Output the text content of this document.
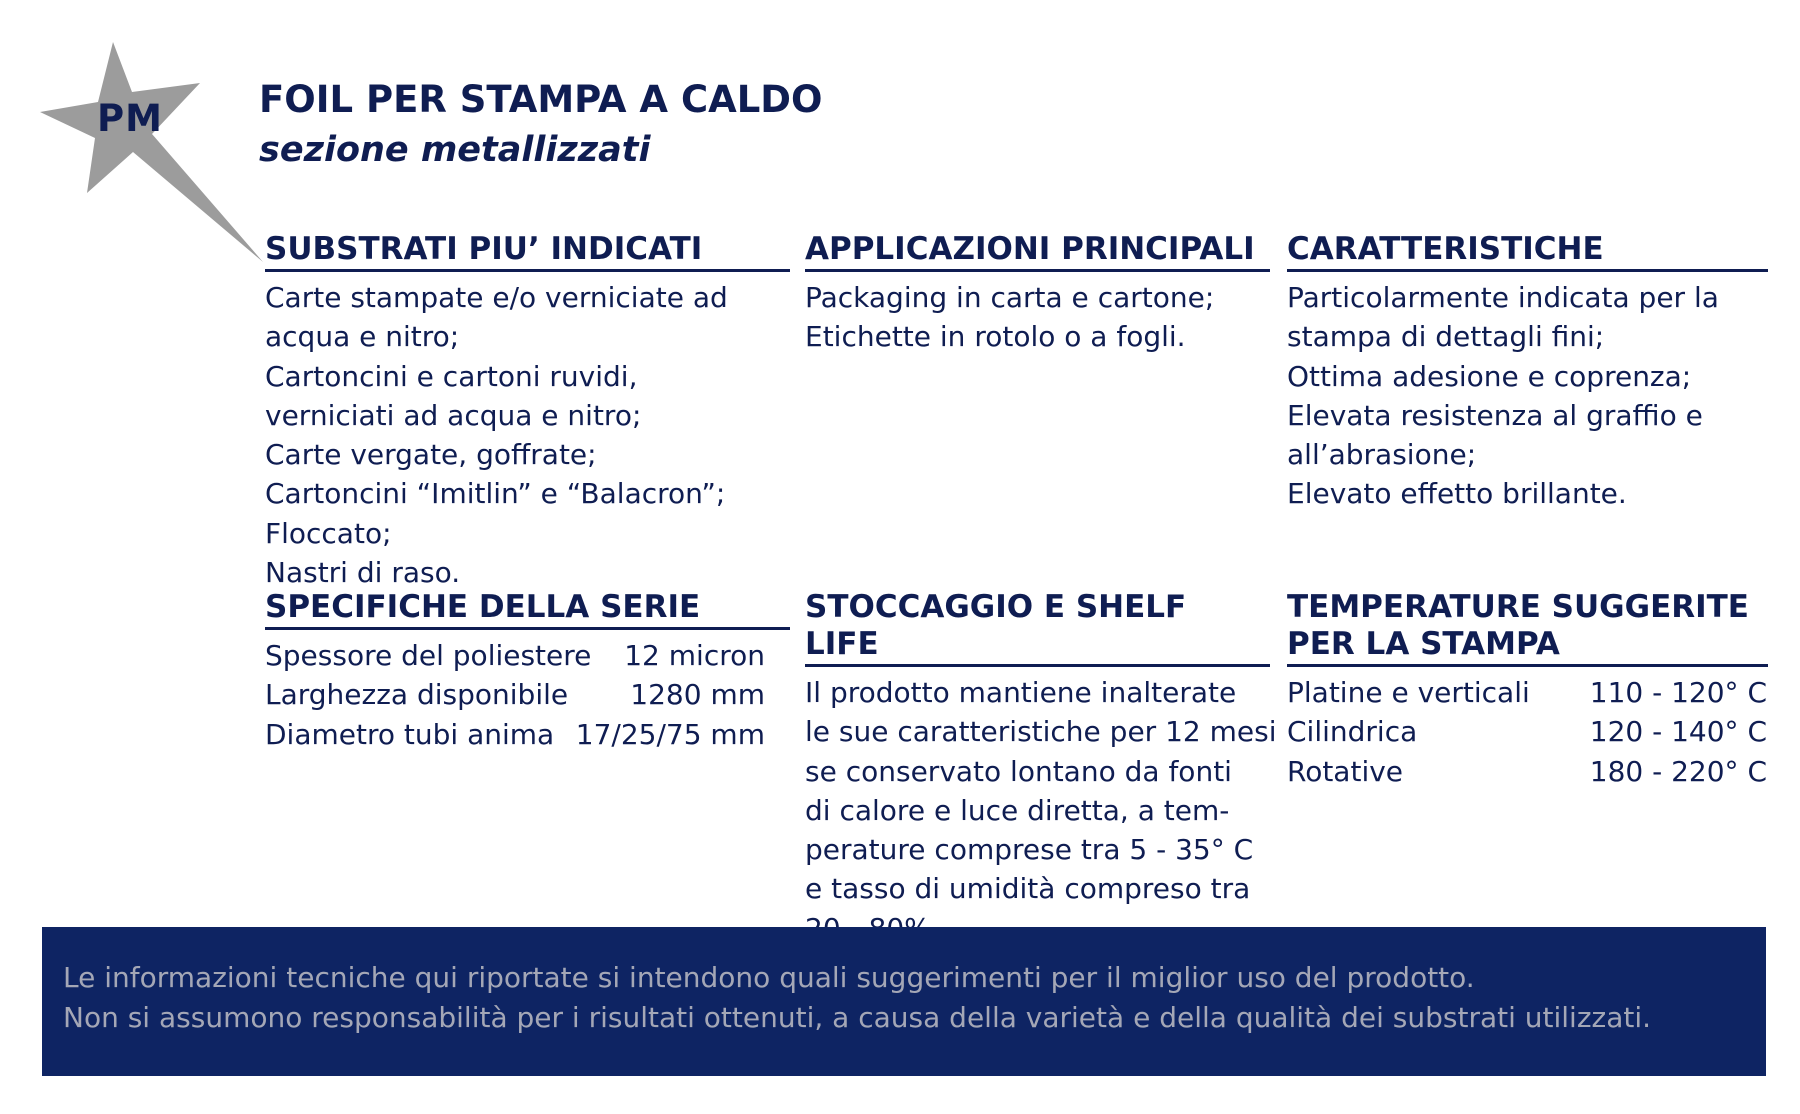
PM	FOIL PER STAMPA A CALDO
sezione metallizzati
SUBSTRATI PIU’ INDICATI
Carte stampate e/o verniciate ad
acqua e nitro;
Cartoncini e cartoni ruvidi,
verniciati ad acqua e nitro;
Carte vergate, goffrate;
Cartoncini “Imitlin” e “Balacron”;
Floccato;
Nastri di raso.
APPLICAZIONI PRINCIPALI
Packaging in carta e cartone;
Etichette in rotolo o a fogli.
CARATTERISTICHE
Particolarmente indicata per la
stampa di dettagli fini;
Ottima adesione e coprenza;
Elevata resistenza al graffio e
all’abrasione;
Elevato effetto brillante.
SPECIFICHE DELLA SERIE
Spessore del poliestere 12 micron
Larghezza disponibile 1280 mm
Diametro tubi anima 17/25/75 mm
STOCCAGGIO E SHELF LIFE
Il prodotto mantiene inalterate
le sue caratteristiche per 12 mesi
se conservato lontano da fonti
di calore e luce diretta, a tem-
perature comprese tra 5 - 35° C
e tasso di umidità compreso tra
TEMPERATURE SUGGERITE
PER LA STAMPA
Platine e verticali 110 - 120° C
Cilindrica	120 - 140° C
Rotative	180 - 220° C
Le informazioni tecniche qui riportate si intendono quali suggerimenti per il miglior uso del prodotto.
Non si assumono responsabilità per i risultati ottenuti, a causa della varietà e della qualità dei substrati utilizzati.
